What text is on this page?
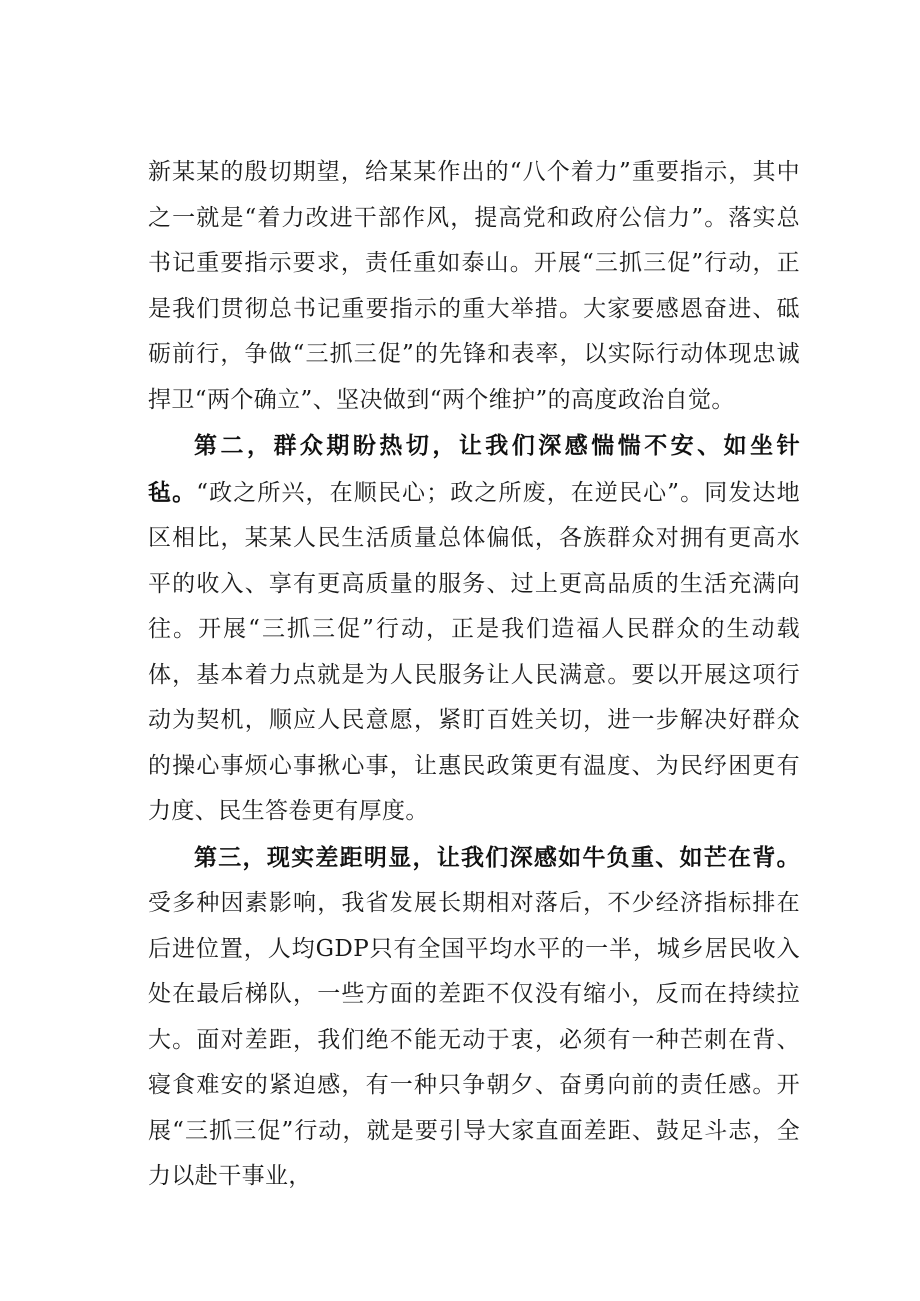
新某某的殷切期望，给某某作出的“八个着力”重要指示，其中之一就是“着力改进干部作风，提高党和政府公信力”。落实总书记重要指示要求，责任重如泰山。开展“三抓三促”行动，正是我们贯彻总书记重要指示的重大举措。大家要感恩奋进、砥砺前行，争做“三抓三促”的先锋和表率，以实际行动体现忠诚捍卫“两个确立”、坚决做到“两个维护”的高度政治自觉。

第二，群众期盼热切，让我们深感惴惴不安、如坐针毡。“政之所兴，在顺民心；政之所废，在逆民心”。同发达地区相比，某某人民生活质量总体偏低，各族群众对拥有更高水平的收入、享有更高质量的服务、过上更高品质的生活充满向往。开展“三抓三促”行动，正是我们造福人民群众的生动载体，基本着力点就是为人民服务让人民满意。要以开展这项行动为契机，顺应人民意愿，紧盯百姓关切，进一步解决好群众的操心事烦心事揪心事，让惠民政策更有温度、为民纾困更有力度、民生答卷更有厚度。

第三，现实差距明显，让我们深感如牛负重、如芒在背。受多种因素影响，我省发展长期相对落后，不少经济指标排在后进位置，人均GDP只有全国平均水平的一半，城乡居民收入处在最后梯队，一些方面的差距不仅没有缩小，反而在持续拉大。面对差距，我们绝不能无动于衷，必须有一种芒刺在背、寝食难安的紧迫感，有一种只争朝夕、奋勇向前的责任感。开展“三抓三促”行动，就是要引导大家直面差距、鼓足斗志，全力以赴干事业，
